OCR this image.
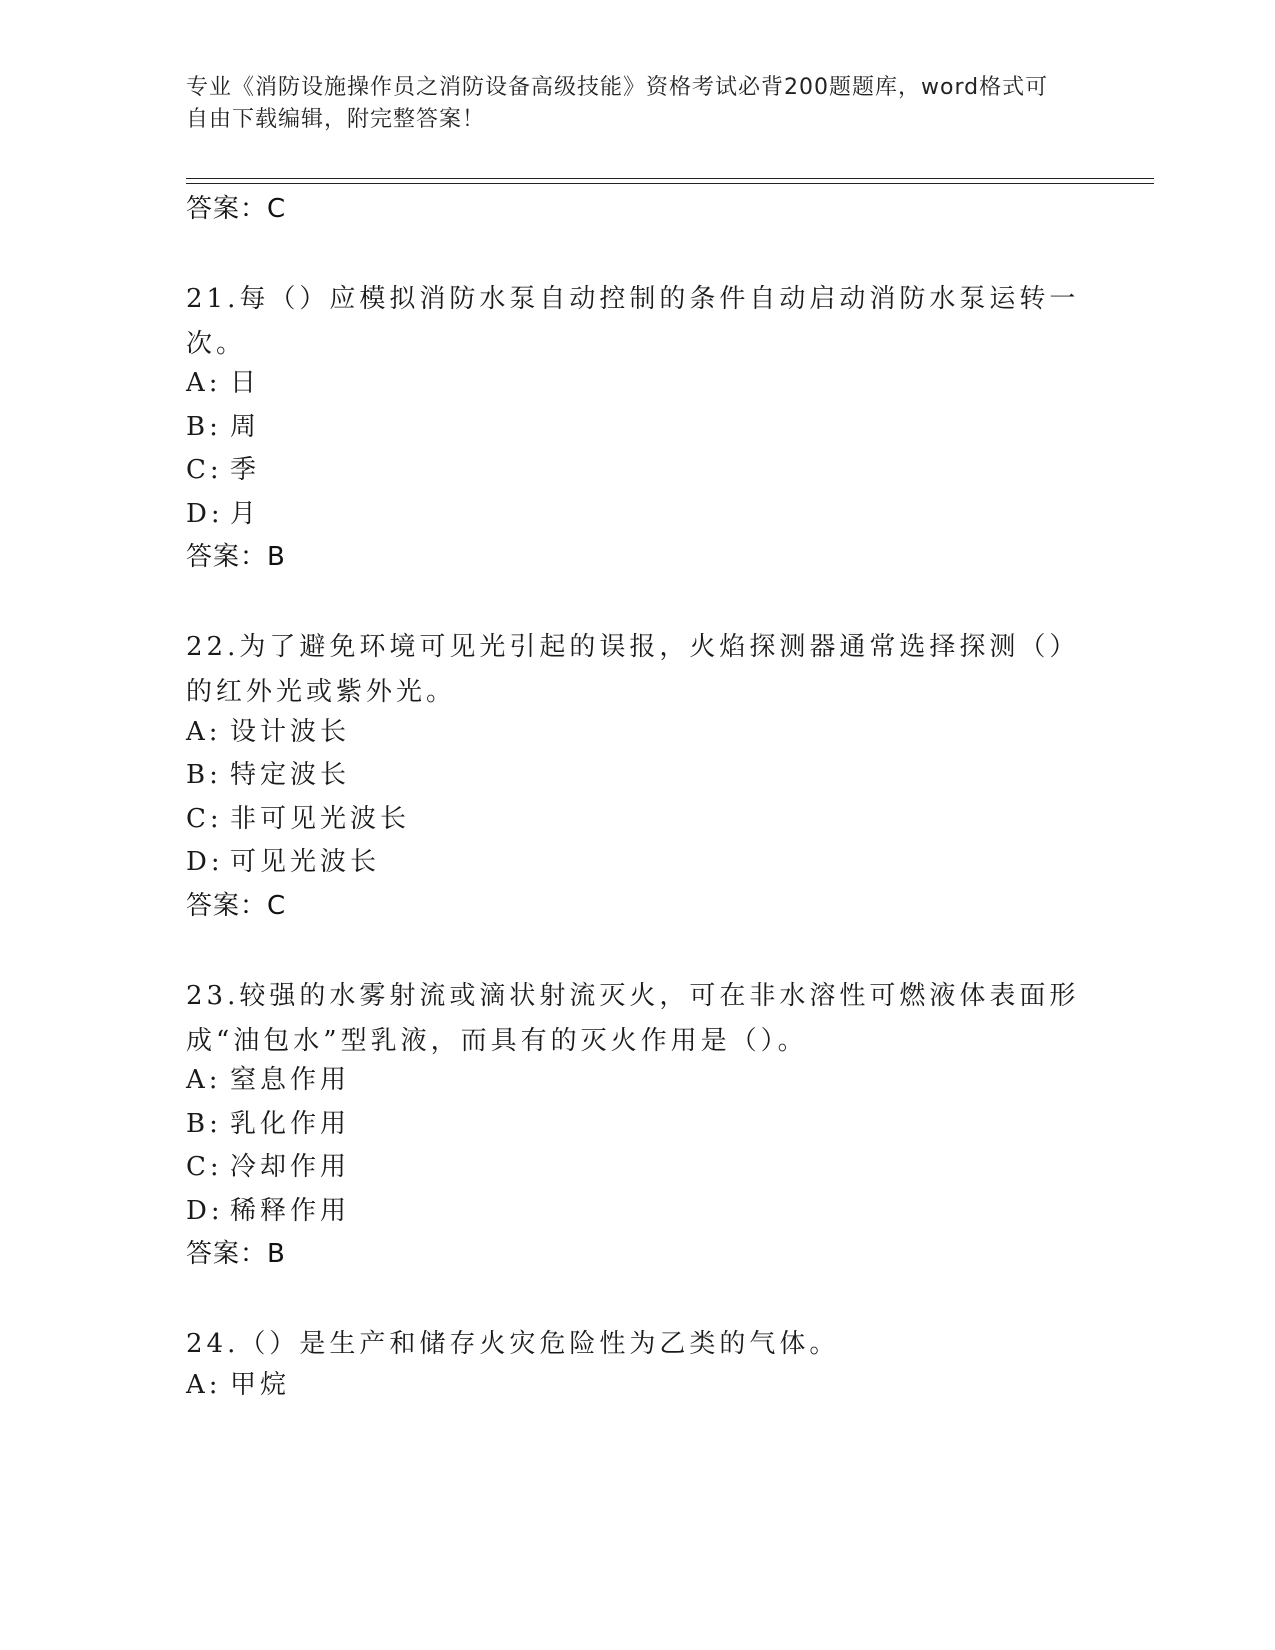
专业《消防设施操作员之消防设备高级技能》资格考试必背200题题库，word格式可自由下载编辑，附完整答案！
答案：C
21.每（）应模拟消防水泵自动控制的条件自动启动消防水泵运转一次。
A: 日
B: 周
C: 季
D: 月
答案：B
22.为了避免环境可见光引起的误报，火焰探测器通常选择探测（）的红外光或紫外光。
A: 设计波长
B: 特定波长
C: 非可见光波长
D: 可见光波长
答案：C
23.较强的水雾射流或滴状射流灭火，可在非水溶性可燃液体表面形成“油包水”型乳液，而具有的灭火作用是（）。
A: 窒息作用
B: 乳化作用
C: 冷却作用
D: 稀释作用
答案：B
24.（）是生产和储存火灾危险性为乙类的气体。
A: 甲烷
